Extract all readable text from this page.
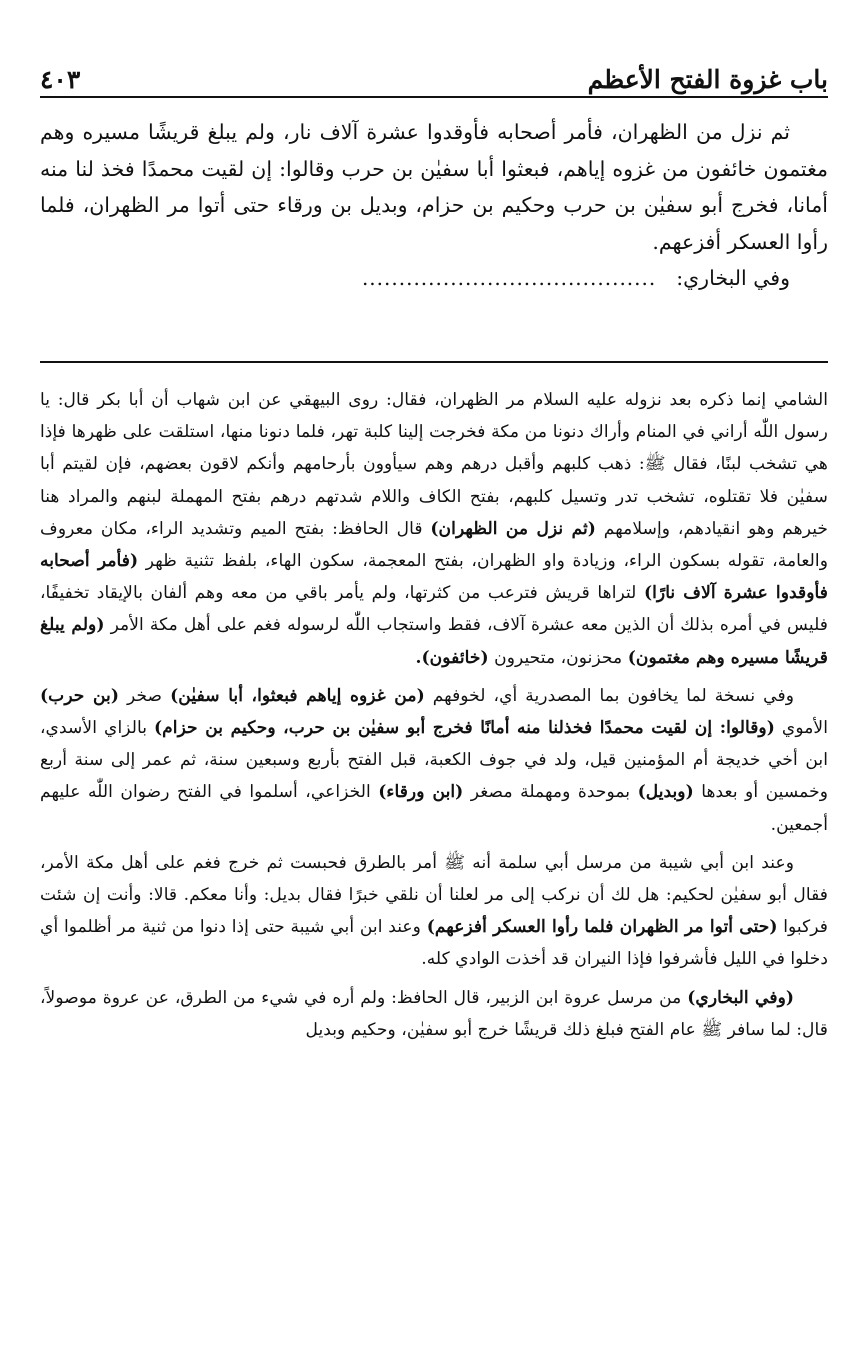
باب غزوة الفتح الأعظم
٤٠٣

ثم نزل من الظهران، فأمر أصحابه فأوقدوا عشرة آلاف نار، ولم يبلغ قريشًا مسيره وهم مغتمون خائفون من غزوه إياهم، فبعثوا أبا سفيٰن بن حرب وقالوا: إن لقيت محمدًا فخذ لنا منه أمانا، فخرج أبو سفيٰن بن حرب وحكيم بن حزام، وبديل بن ورقاء حتى أتوا مر الظهران، فلما رأوا العسكر أفزعهم.

وفي البخاري:
........................................

الشامي إنما ذكره بعد نزوله عليه السلام مر الظهران، فقال: روى البيهقي عن ابن شهاب أن أبا بكر قال: يا رسول اللّٰه أراني في المنام وأراك دنونا من مكة فخرجت إلينا كلبة تهر، فلما دنونا منها، استلقت على ظهرها فإذا هي تشخب لبنًا، فقال ﷺ: ذهب كلبهم وأقبل درهم وهم سيأوون بأرحامهم وأنكم لاقون بعضهم، فإن لقيتم أبا سفيٰن فلا تقتلوه، تشخب تدر وتسيل كلبهم، بفتح الكاف واللام شدتهم درهم بفتح المهملة لبنهم والمراد هنا خيرهم وهو انقيادهم، وإسلامهم (ثم نزل من الظهران) قال الحافظ: بفتح الميم وتشديد الراء، مكان معروف والعامة، تقوله بسكون الراء، وزيادة واو الظهران، بفتح المعجمة، سكون الهاء، بلفظ تثنية ظهر (فأمر أصحابه فأوقدوا عشرة آلاف نارًا) لتراها قريش فترعب من كثرتها، ولم يأمر باقي من معه وهم ألفان بالإيقاد تخفيفًا، فليس في أمره بذلك أن الذين معه عشرة آلاف، فقط واستجاب اللّٰه لرسوله فغم على أهل مكة الأمر (ولم يبلغ قريشًا مسيره وهم مغتمون) محزنون، متحيرون (خائفون).

وفي نسخة لما يخافون بما المصدرية أي، لخوفهم (من غزوه إياهم فبعثوا، أبا سفيٰن) صخر (بن حرب) الأموي (وقالوا: إن لقيت محمدًا فخذلنا منه أمانًا فخرج أبو سفيٰن بن حرب، وحكيم بن حزام) بالزاي الأسدي، ابن أخي خديجة أم المؤمنين قيل، ولد في جوف الكعبة، قبل الفتح بأربع وسبعين سنة، ثم عمر إلى سنة أربع وخمسين أو بعدها (وبديل) بموحدة ومهملة مصغر (ابن ورقاء) الخزاعي، أسلموا في الفتح رضوان اللّٰه عليهم أجمعين.

وعند ابن أبي شيبة من مرسل أبي سلمة أنه ﷺ أمر بالطرق فحبست ثم خرج فغم على أهل مكة الأمر، فقال أبو سفيٰن لحكيم: هل لك أن نركب إلى مر لعلنا أن نلقي خبرًا فقال بديل: وأنا معكم. قالا: وأنت إن شئت فركبوا (حتى أتوا مر الظهران فلما رأوا العسكر أفزعهم) وعند ابن أبي شيبة حتى إذا دنوا من ثنية مر أظلموا أي دخلوا في الليل فأشرفوا فإذا النيران قد أخذت الوادي كله.

(وفي البخاري) من مرسل عروة ابن الزبير، قال الحافظ: ولم أره في شيء من الطرق، عن عروة موصولاً، قال: لما سافر ﷺ عام الفتح فبلغ ذلك قريشًا خرج أبو سفيٰن، وحكيم وبديل
